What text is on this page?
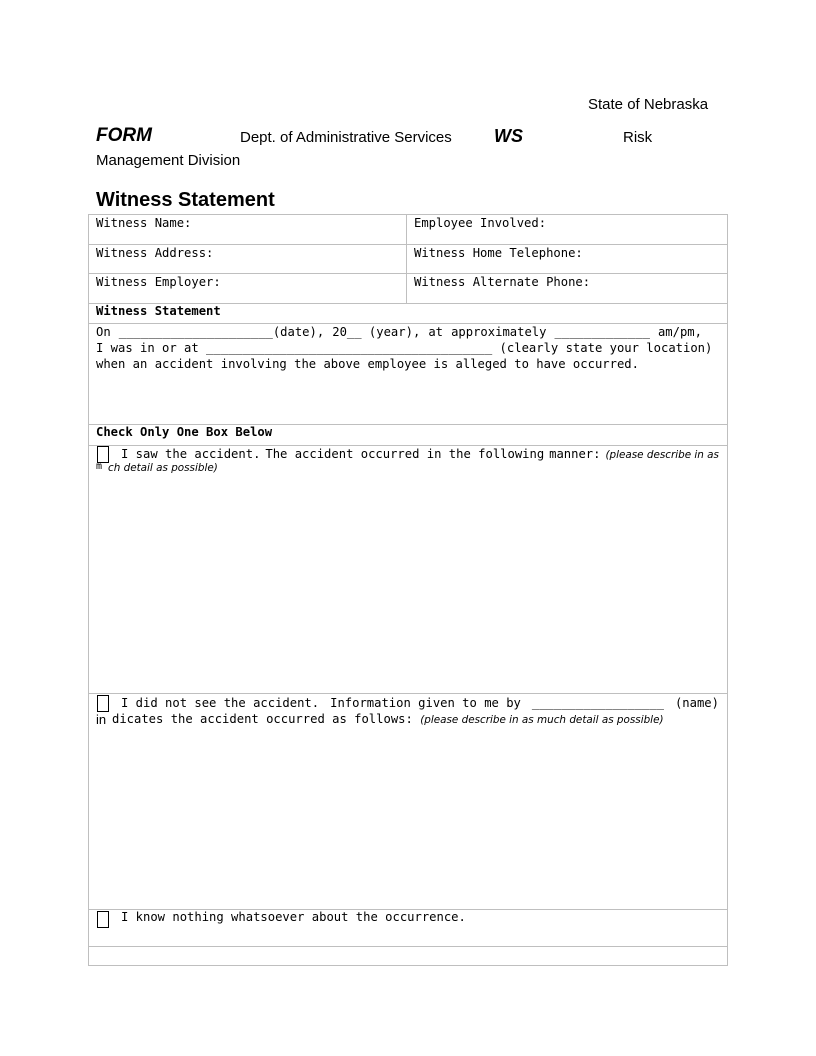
State of Nebraska
FORM	Dept. of Administrative Services WS	Risk
Management Division
Witness Statement
Witness Name:	Employee Involved:
Witness Address:	Witness Home Telephone:
Witness Employer:	Witness Alternate Phone:
Witness Statement
On _____________________(date), 20__ (year), at approximately _____________ am/pm,
I was in or at _______________________________________ (clearly state your location)
when an accident involving the above employee is alleged to have occurred.
Check Only One Box Below
I saw the accident. The accident occurred in the following manner: (please describe in as
m ch detail as possible)
I did not see the accident. Information given to me by __________________ (name)
in dicates the accident occurred as follows: (please describe in as much detail as possible)
I know nothing whatsoever about the occurrence.
